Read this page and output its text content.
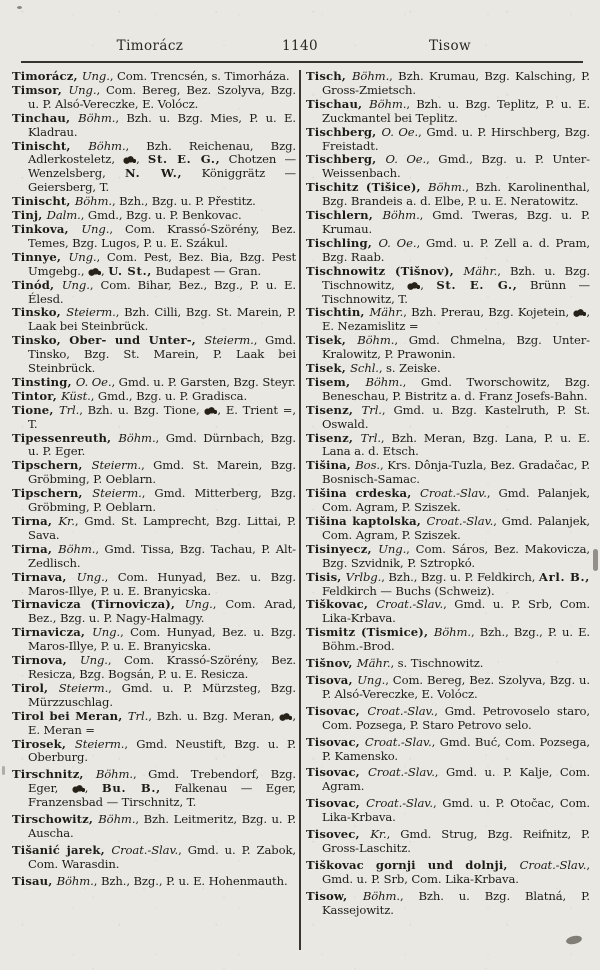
Timorácz	1140	Tisow

Timorácz, Ung., Com. Trencsén, s. Timorháza.

Timsor, Ung., Com. Bereg, Bez. Szolyva, Bzg. u. P. Alsó-Vereczke, E. Volócz.

Tinchau, Böhm., Bzh. u. Bzg. Mies, P. u. E. Kladrau.

Tinischt, Böhm., Bzh. Reichenau, Bzg. Adlerkosteletz, , St. E. G., Chotzen — Wenzelsberg, N. W., Königgrätz — Geiersberg, T.

Tinischt, Böhm., Bzh., Bzg. u. P. Přestitz.

Tinj, Dalm., Gmd., Bzg. u. P. Benkovac.

Tinkova, Ung., Com. Krassó-Szörény, Bez. Temes, Bzg. Lugos, P. u. E. Szákul.

Tinnye, Ung., Com. Pest, Bez. Bia, Bzg. Pest Umgebg., , U. St., Budapest — Gran.

Tinód, Ung., Com. Bihar, Bez., Bzg., P. u. E. Élesd.

Tinsko, Steierm., Bzh. Cilli, Bzg. St. Marein, P. Laak bei Steinbrück.

Tinsko, Ober- und Unter-, Steierm., Gmd. Tinsko, Bzg. St. Marein, P. Laak bei Steinbrück.

Tinsting, O. Oe., Gmd. u. P. Garsten, Bzg. Steyr.

Tintor, Küst., Gmd., Bzg. u. P. Gradisca.

Tione, Trl., Bzh. u. Bzg. Tione, , E. Trient =, T.

Tipessenreuth, Böhm., Gmd. Dürnbach, Bzg. u. P. Eger.

Tipschern, Steierm., Gmd. St. Marein, Bzg. Gröbming, P. Oeblarn.

Tipschern, Steierm., Gmd. Mitterberg, Bzg. Gröbming, P. Oeblarn.

Tirna, Kr., Gmd. St. Lamprecht, Bzg. Littai, P. Sava.

Tirna, Böhm., Gmd. Tissa, Bzg. Tachau, P. Alt-Zedlisch.

Tirnava, Ung., Com. Hunyad, Bez. u. Bzg. Maros-Illye, P. u. E. Branyicska.

Tirnavicza (Tirnovicza), Ung., Com. Arad, Bez., Bzg. u. P. Nagy-Halmagy.

Tirnavicza, Ung., Com. Hunyad, Bez. u. Bzg. Maros-Illye, P. u. E. Branyicska.

Tirnova, Ung., Com. Krassó-Szörény, Bez. Resicza, Bzg. Bogsán, P. u. E. Resicza.

Tirol, Steierm., Gmd. u. P. Mürzsteg, Bzg. Mürzzuschlag.

Tirol bei Meran, Trl., Bzh. u. Bzg. Meran, , E. Meran =

Tirosek, Steierm., Gmd. Neustift, Bzg. u. P. Oberburg.

Tirschnitz, Böhm., Gmd. Trebendorf, Bzg. Eger, , Bu. B., Falkenau — Eger, Franzensbad — Tirschnitz, T.

Tirschowitz, Böhm., Bzh. Leitmeritz, Bzg. u. P. Auscha.

Tišanić jarek, Croat.-Slav., Gmd. u. P. Zabok, Com. Warasdin.

Tisau, Böhm., Bzh., Bzg., P. u. E. Hohenmauth.

Tisch, Böhm., Bzh. Krumau, Bzg. Kalsching, P. Gross-Zmietsch.

Tischau, Böhm., Bzh. u. Bzg. Teplitz, P. u. E. Zuckmantel bei Teplitz.

Tischberg, O. Oe., Gmd. u. P. Hirschberg, Bzg. Freistadt.

Tischberg, O. Oe., Gmd., Bzg. u. P. Unter-Weissenbach.

Tischitz (Tišice), Böhm., Bzh. Karolinenthal, Bzg. Brandeis a. d. Elbe, P. u. E. Neratowitz.

Tischlern, Böhm., Gmd. Tweras, Bzg. u. P. Krumau.

Tischling, O. Oe., Gmd. u. P. Zell a. d. Pram, Bzg. Raab.

Tischnowitz (Tišnov), Mähr., Bzh. u. Bzg. Tischnowitz, , St. E. G., Brünn — Tischnowitz, T.

Tischtin, Mähr., Bzh. Prerau, Bzg. Kojetein, , E. Nezamislitz =

Tisek, Böhm., Gmd. Chmelna, Bzg. Unter-Kralowitz, P. Prawonin.

Tisek, Schl., s. Zeiske.

Tisem, Böhm., Gmd. Tworschowitz, Bzg. Beneschau, P. Bistritz a. d. Franz Josefs-Bahn.

Tisenz, Trl., Gmd. u. Bzg. Kastelruth, P. St. Oswald.

Tisenz, Trl., Bzh. Meran, Bzg. Lana, P. u. E. Lana a. d. Etsch.

Tišina, Bos., Krs. Dônja-Tuzla, Bez. Gradačac, P. Bosnisch-Samac.

Tišina crdeska, Croat.-Slav., Gmd. Palanjek, Com. Agram, P. Sziszek.

Tišina kaptolska, Croat.-Slav., Gmd. Palanjek, Com. Agram, P. Sziszek.

Tisinyecz, Ung., Com. Sáros, Bez. Makovicza, Bzg. Szvidnik, P. Sztropkó.

Tisis, Vrlbg., Bzh., Bzg. u. P. Feldkirch, Arl. B., Feldkirch — Buchs (Schweiz).

Tiškovac, Croat.-Slav., Gmd. u. P. Srb, Com. Lika-Krbava.

Tismitz (Tismice), Böhm., Bzh., Bzg., P. u. E. Böhm.-Brod.

Tišnov, Mähr., s. Tischnowitz.

Tisova, Ung., Com. Bereg, Bez. Szolyva, Bzg. u. P. Alsó-Vereczke, E. Volócz.

Tisovac, Croat.-Slav., Gmd. Petrovoselo staro, Com. Pozsega, P. Staro Petrovo selo.

Tisovac, Croat.-Slav., Gmd. Buć, Com. Pozsega, P. Kamensko.

Tisovac, Croat.-Slav., Gmd. u. P. Kalje, Com. Agram.

Tisovac, Croat.-Slav., Gmd. u. P. Otočac, Com. Lika-Krbava.

Tisovec, Kr., Gmd. Strug, Bzg. Reifnitz, P. Gross-Laschitz.

Tiškovac gornji und dolnji, Croat.-Slav., Gmd. u. P. Srb, Com. Lika-Krbava.

Tisow, Böhm., Bzh. u. Bzg. Blatná, P. Kassejowitz.
